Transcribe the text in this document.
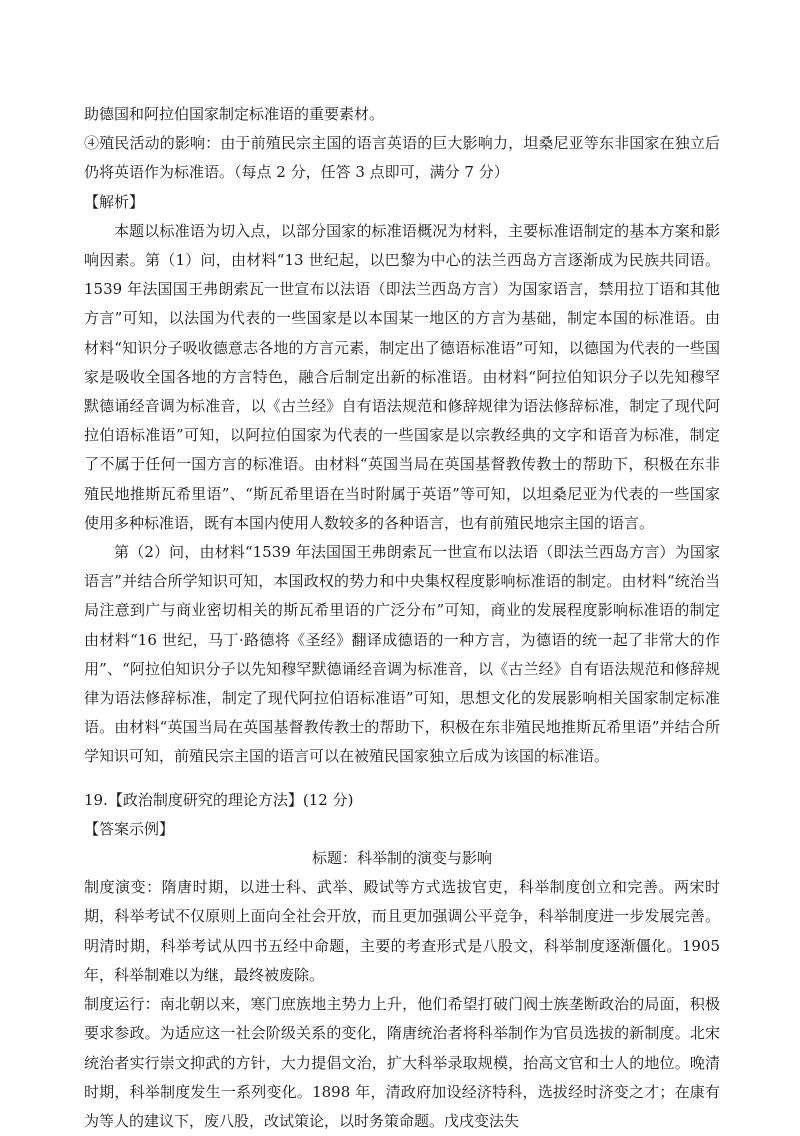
助德国和阿拉伯国家制定标准语的重要素材。

④殖民活动的影响：由于前殖民宗主国的语言英语的巨大影响力，坦桑尼亚等东非国家在独立后仍将英语作为标准语。（每点 2 分，任答 3 点即可，满分 7 分）

【解析】

本题以标准语为切入点，以部分国家的标准语概况为材料，主要标准语制定的基本方案和影响因素。第（1）问，由材料“13 世纪起，以巴黎为中心的法兰西岛方言逐渐成为民族共同语。1539 年法国国王弗朗索瓦一世宣布以法语（即法兰西岛方言）为国家语言，禁用拉丁语和其他方言”可知，以法国为代表的一些国家是以本国某一地区的方言为基础，制定本国的标准语。由材料“知识分子吸收德意志各地的方言元素，制定出了德语标准语”可知，以德国为代表的一些国家是吸收全国各地的方言特色，融合后制定出新的标准语。由材料“阿拉伯知识分子以先知穆罕默德诵经音调为标准音，以《古兰经》自有语法规范和修辞规律为语法修辞标准，制定了现代阿拉伯语标准语”可知，以阿拉伯国家为代表的一些国家是以宗教经典的文字和语音为标准，制定了不属于任何一国方言的标准语。由材料“英国当局在英国基督教传教士的帮助下，积极在东非殖民地推斯瓦希里语”、“斯瓦希里语在当时附属于英语”等可知，以坦桑尼亚为代表的一些国家使用多种标准语，既有本国内使用人数较多的各种语言，也有前殖民地宗主国的语言。

第（2）问，由材料“1539 年法国国王弗朗索瓦一世宣布以法语（即法兰西岛方言）为国家语言”并结合所学知识可知，本国政权的势力和中央集权程度影响标准语的制定。由材料“统治当局注意到广与商业密切相关的斯瓦希里语的广泛分布”可知，商业的发展程度影响标准语的制定由材料“16 世纪，马丁·路德将《圣经》翻译成德语的一种方言，为德语的统一起了非常大的作用”、“阿拉伯知识分子以先知穆罕默德诵经音调为标准音，以《古兰经》自有语法规范和修辞规律为语法修辞标准，制定了现代阿拉伯语标准语”可知，思想文化的发展影响相关国家制定标准语。由材料“英国当局在英国基督教传教士的帮助下，积极在东非殖民地推斯瓦希里语”并结合所学知识可知，前殖民宗主国的语言可以在被殖民国家独立后成为该国的标准语。

19.【政治制度研究的理论方法】(12 分)

【答案示例】

标题：科举制的演变与影响

制度演变：隋唐时期，以进士科、武举、殿试等方式选拔官吏，科举制度创立和完善。两宋时期，科举考试不仅原则上面向全社会开放，而且更加强调公平竞争，科举制度进一步发展完善。明清时期，科举考试从四书五经中命题，主要的考查形式是八股文，科举制度逐渐僵化。1905 年，科举制难以为继，最终被废除。

制度运行：南北朝以来，寒门庶族地主势力上升，他们希望打破门阀士族垄断政治的局面，积极要求参政。为适应这一社会阶级关系的变化，隋唐统治者将科举制作为官员选拔的新制度。北宋统治者实行崇文抑武的方针，大力提倡文治，扩大科举录取规模，抬高文官和士人的地位。晚清时期，科举制度发生一系列变化。1898 年，清政府加设经济特科，选拔经时济变之才；在康有为等人的建议下，废八股，改试策论，以时务策命题。戊戌变法失
